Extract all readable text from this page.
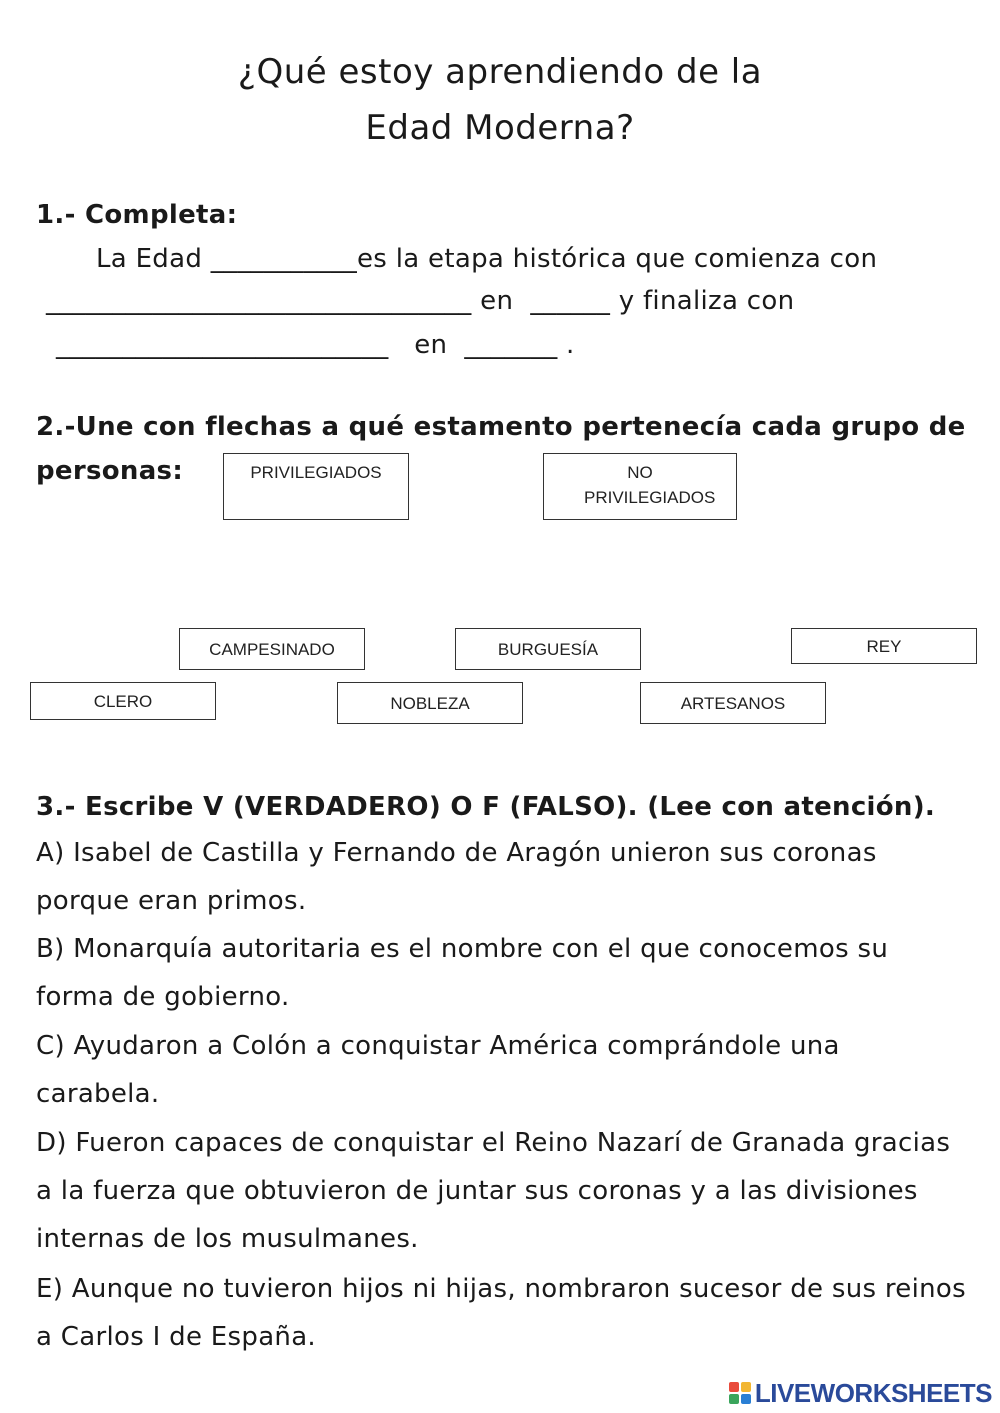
¿Qué estoy aprendiendo de la
Edad Moderna?
1.- Completa:
La Edad ___________es la etapa histórica que comienza con
________________________________ en  ______ y finaliza con
_________________________   en  _______ .
2.-Une con flechas a qué estamento pertenecía cada grupo de
personas:	PRIVILEGIADOS	NO PRIVILEGIADOS
CAMPESINADO	BURGUESÍA	REY
CLERO	NOBLEZA	ARTESANOS
3.- Escribe V (VERDADERO) O F (FALSO). (Lee con atención).
A) Isabel de Castilla y Fernando de Aragón unieron sus coronas porque eran primos.
B) Monarquía autoritaria es el nombre con el que conocemos su forma de gobierno.
C) Ayudaron a Colón a conquistar América comprándole una carabela.
D) Fueron capaces de conquistar el Reino Nazarí de Granada gracias a la fuerza que obtuvieron de juntar sus coronas y a las divisiones internas de los musulmanes.
E) Aunque no tuvieron hijos ni hijas, nombraron sucesor de sus reinos a Carlos I de España.
LIVEWORKSHEETS
